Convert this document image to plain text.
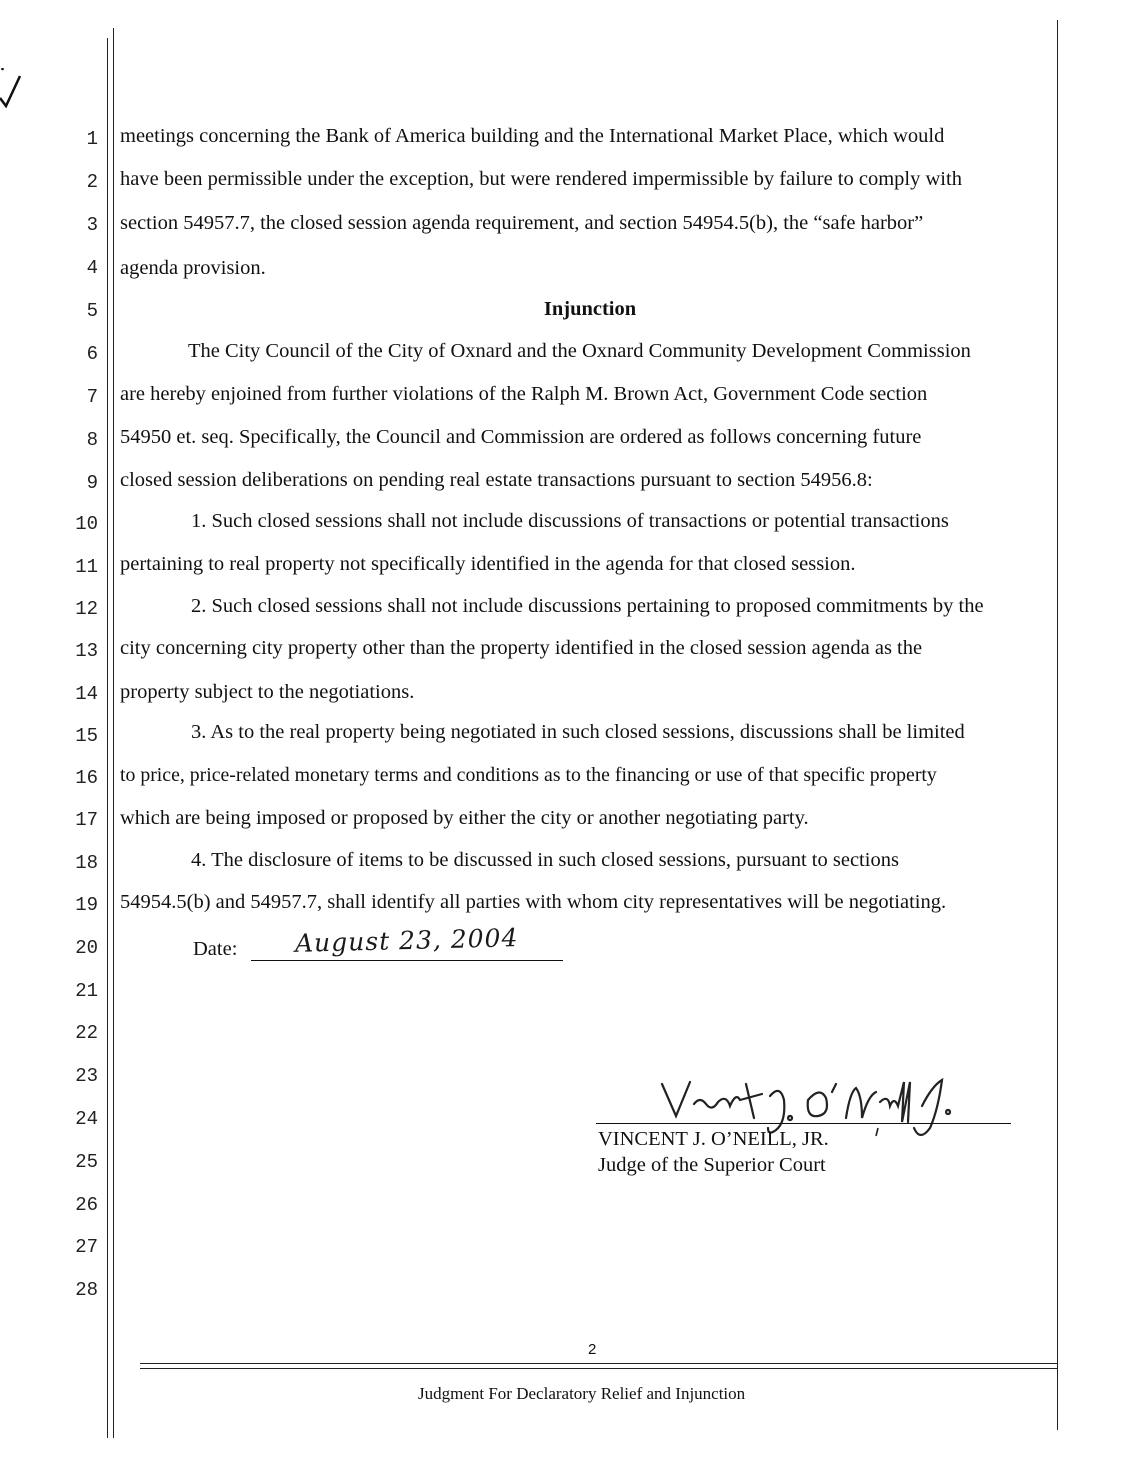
1
2
3
4
5
6
7
8
9
10
11
12
13
14
15
16
17
18
19
20
21
22
23
24
25
26
27
28
meetings concerning the Bank of America building and the International Market Place, which would
have been permissible under the exception, but were rendered impermissible by failure to comply with
section 54957.7, the closed session agenda requirement, and section 54954.5(b), the “safe harbor”
agenda provision.
Injunction
The City Council of the City of Oxnard and the Oxnard Community Development Commission
are hereby enjoined from further violations of the Ralph M. Brown Act, Government Code section
54950 et. seq. Specifically, the Council and Commission are ordered as follows concerning future
closed session deliberations on pending real estate transactions pursuant to section 54956.8:
1. Such closed sessions shall not include discussions of transactions or potential transactions
pertaining to real property not specifically identified in the agenda for that closed session.
2. Such closed sessions shall not include discussions pertaining to proposed commitments by the
city concerning city property other than the property identified in the closed session agenda as the
property subject to the negotiations.
3. As to the real property being negotiated in such closed sessions, discussions shall be limited
to price, price-related monetary terms and conditions as to the financing or use of that specific property
which are being imposed or proposed by either the city or another negotiating party.
4. The disclosure of items to be discussed in such closed sessions, pursuant to sections
54954.5(b) and 54957.7, shall identify all parties with whom city representatives will be negotiating.
Date: August 23, 2004
VINCENT J. O’NEILL, JR.
Judge of the Superior Court
2
Judgment For Declaratory Relief and Injunction
